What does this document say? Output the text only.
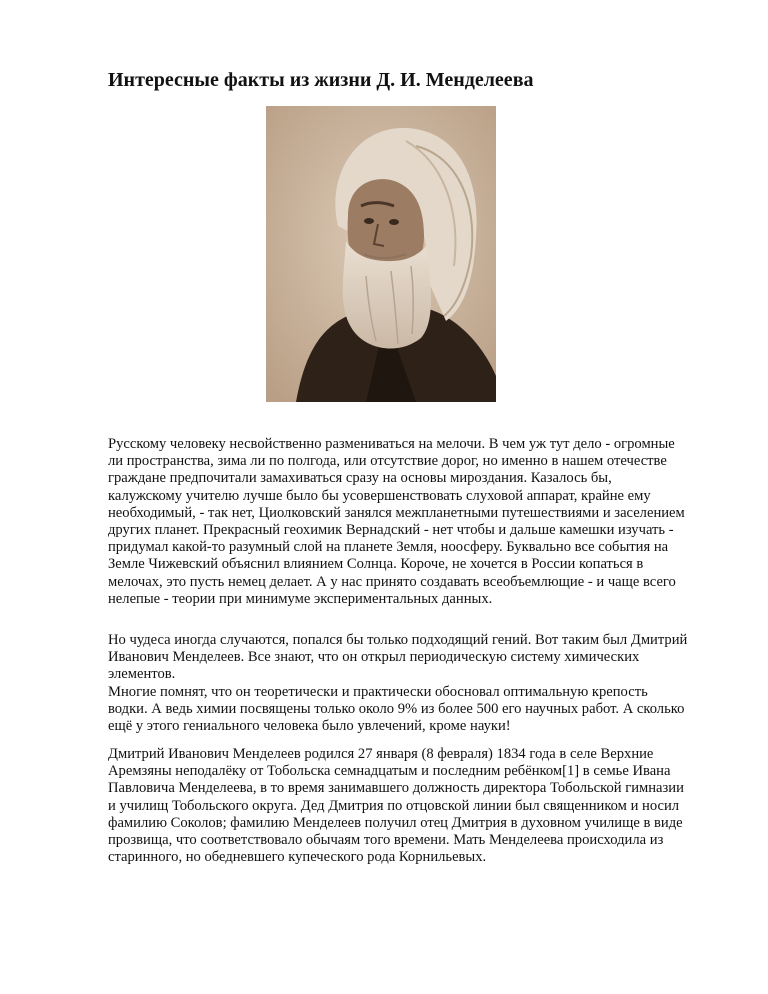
Интересные факты из жизни Д. И. Менделеева

Русскому человеку несвойственно размениваться на мелочи. В чем уж тут дело - огромные ли пространства, зима ли по полгода, или отсутствие дорог, но именно в нашем отечестве граждане предпочитали замахиваться сразу на основы мироздания. Казалось бы, калужскому учителю лучше было бы усовершенствовать слуховой аппарат, крайне ему необходимый, - так нет, Циолковский занялся межпланетными путешествиями и заселением других планет. Прекрасный геохимик Вернадский - нет чтобы и дальше камешки изучать - придумал какой-то разумный слой на планете Земля, ноосферу. Буквально все события на Земле Чижевский объяснил влиянием Солнца. Короче, не хочется в России копаться в мелочах, это пусть немец делает. А у нас принято создавать всеобъемлющие - и чаще всего нелепые - теории при минимуме экспериментальных данных.

Но чудеса иногда случаются, попался бы только подходящий гений. Вот таким был Дмитрий Иванович Менделеев. Все знают, что он открыл периодическую систему химических элементов.
Многие помнят, что он теоретически и практически обосновал оптимальную крепость водки. А ведь химии посвящены только около 9% из более 500 его научных работ. А сколько ещё у этого гениального человека было увлечений, кроме науки!

Дмитрий Иванович Менделеев родился 27 января (8 февраля) 1834 года в селе Верхние Аремзяны неподалёку от Тобольска семнадцатым и последним ребёнком[1] в семье Ивана Павловича Менделеева, в то время занимавшего должность директора Тобольской гимназии и училищ Тобольского округа. Дед Дмитрия по отцовской линии был священником и носил фамилию Соколов; фамилию Менделеев получил отец Дмитрия в духовном училище в виде прозвища, что соответствовало обычаям того времени. Мать Менделеева происходила из старинного, но обедневшего купеческого рода Корнильевых.
